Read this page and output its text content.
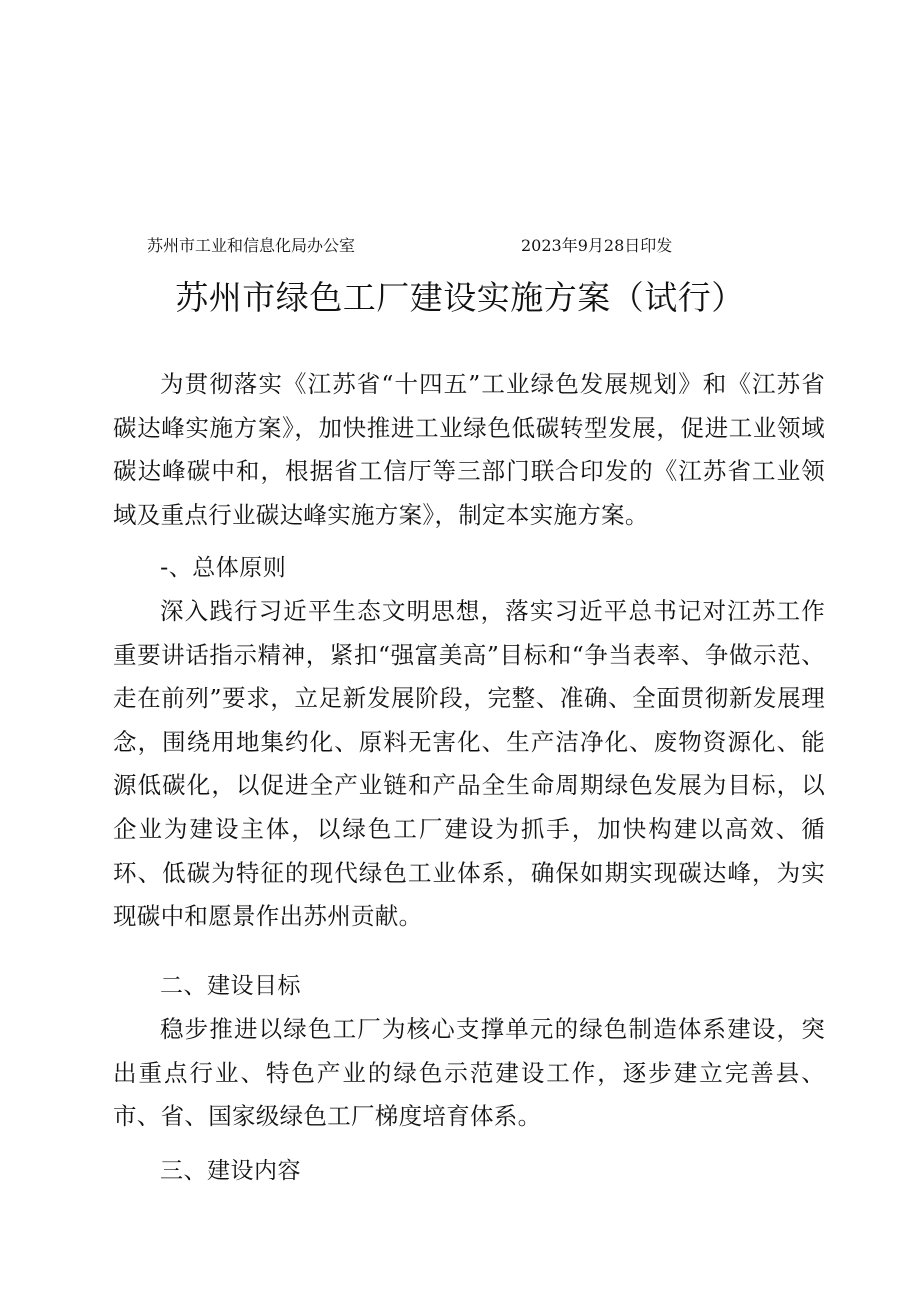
苏州市工业和信息化局办公室	2023年9月28日印发
苏州市绿色工厂建设实施方案（试行）
为贯彻落实《江苏省“十四五”工业绿色发展规划》和《江苏省碳达峰实施方案》，加快推进工业绿色低碳转型发展，促进工业领域碳达峰碳中和，根据省工信厅等三部门联合印发的《江苏省工业领域及重点行业碳达峰实施方案》，制定本实施方案。
-、总体原则
深入践行习近平生态文明思想，落实习近平总书记对江苏工作重要讲话指示精神，紧扣“强富美高”目标和“争当表率、争做示范、走在前列”要求，立足新发展阶段，完整、准确、全面贯彻新发展理念，围绕用地集约化、原料无害化、生产洁净化、废物资源化、能源低碳化，以促进全产业链和产品全生命周期绿色发展为目标，以企业为建设主体，以绿色工厂建设为抓手，加快构建以高效、循环、低碳为特征的现代绿色工业体系，确保如期实现碳达峰，为实现碳中和愿景作出苏州贡献。
二、建设目标
稳步推进以绿色工厂为核心支撑单元的绿色制造体系建设，突出重点行业、特色产业的绿色示范建设工作，逐步建立完善县、市、省、国家级绿色工厂梯度培育体系。
三、建设内容
